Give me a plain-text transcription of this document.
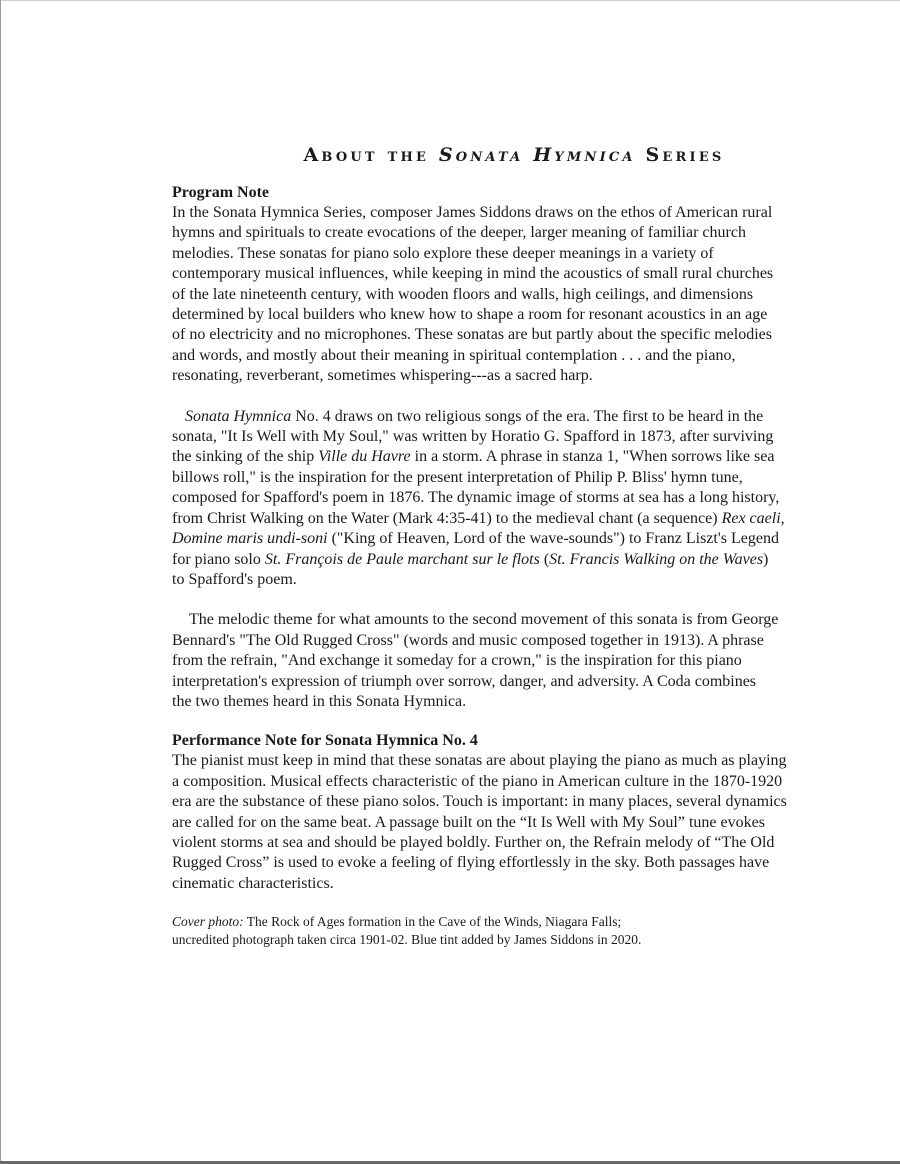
About the Sonata Hymnica Series
Program Note

In the Sonata Hymnica Series, composer James Siddons draws on the ethos of American rural
hymns and spirituals to create evocations of the deeper, larger meaning of familiar church
melodies. These sonatas for piano solo explore these deeper meanings in a variety of
contemporary musical influences, while keeping in mind the acoustics of small rural churches
of the late nineteenth century, with wooden floors and walls, high ceilings, and dimensions
determined by local builders who knew how to shape a room for resonant acoustics in an age
of no electricity and no microphones. These sonatas are but partly about the specific melodies
and words, and mostly about their meaning in spiritual contemplation . . . and the piano,
resonating, reverberant, sometimes whispering---as a sacred harp.

Sonata Hymnica No. 4 draws on two religious songs of the era. The first to be heard in the
sonata, "It Is Well with My Soul," was written by Horatio G. Spafford in 1873, after surviving
the sinking of the ship Ville du Havre in a storm. A phrase in stanza 1, "When sorrows like sea
billows roll," is the inspiration for the present interpretation of Philip P. Bliss' hymn tune,
composed for Spafford's poem in 1876. The dynamic image of storms at sea has a long history,
from Christ Walking on the Water (Mark 4:35-41) to the medieval chant (a sequence) Rex caeli,
Domine maris undi-soni ("King of Heaven, Lord of the wave-sounds") to Franz Liszt's Legend
for piano solo St. François de Paule marchant sur le flots (St. Francis Walking on the Waves)
to Spafford's poem.

The melodic theme for what amounts to the second movement of this sonata is from George
Bennard's "The Old Rugged Cross" (words and music composed together in 1913). A phrase
from the refrain, "And exchange it someday for a crown," is the inspiration for this piano
interpretation's expression of triumph over sorrow, danger, and adversity. A Coda combines
the two themes heard in this Sonata Hymnica.

Performance Note for Sonata Hymnica No. 4

The pianist must keep in mind that these sonatas are about playing the piano as much as playing
a composition. Musical effects characteristic of the piano in American culture in the 1870-1920
era are the substance of these piano solos. Touch is important: in many places, several dynamics
are called for on the same beat. A passage built on the “It Is Well with My Soul” tune evokes
violent storms at sea and should be played boldly. Further on, the Refrain melody of “The Old
Rugged Cross” is used to evoke a feeling of flying effortlessly in the sky. Both passages have
cinematic characteristics.

Cover photo: The Rock of Ages formation in the Cave of the Winds, Niagara Falls;
uncredited photograph taken circa 1901-02. Blue tint added by James Siddons in 2020.
